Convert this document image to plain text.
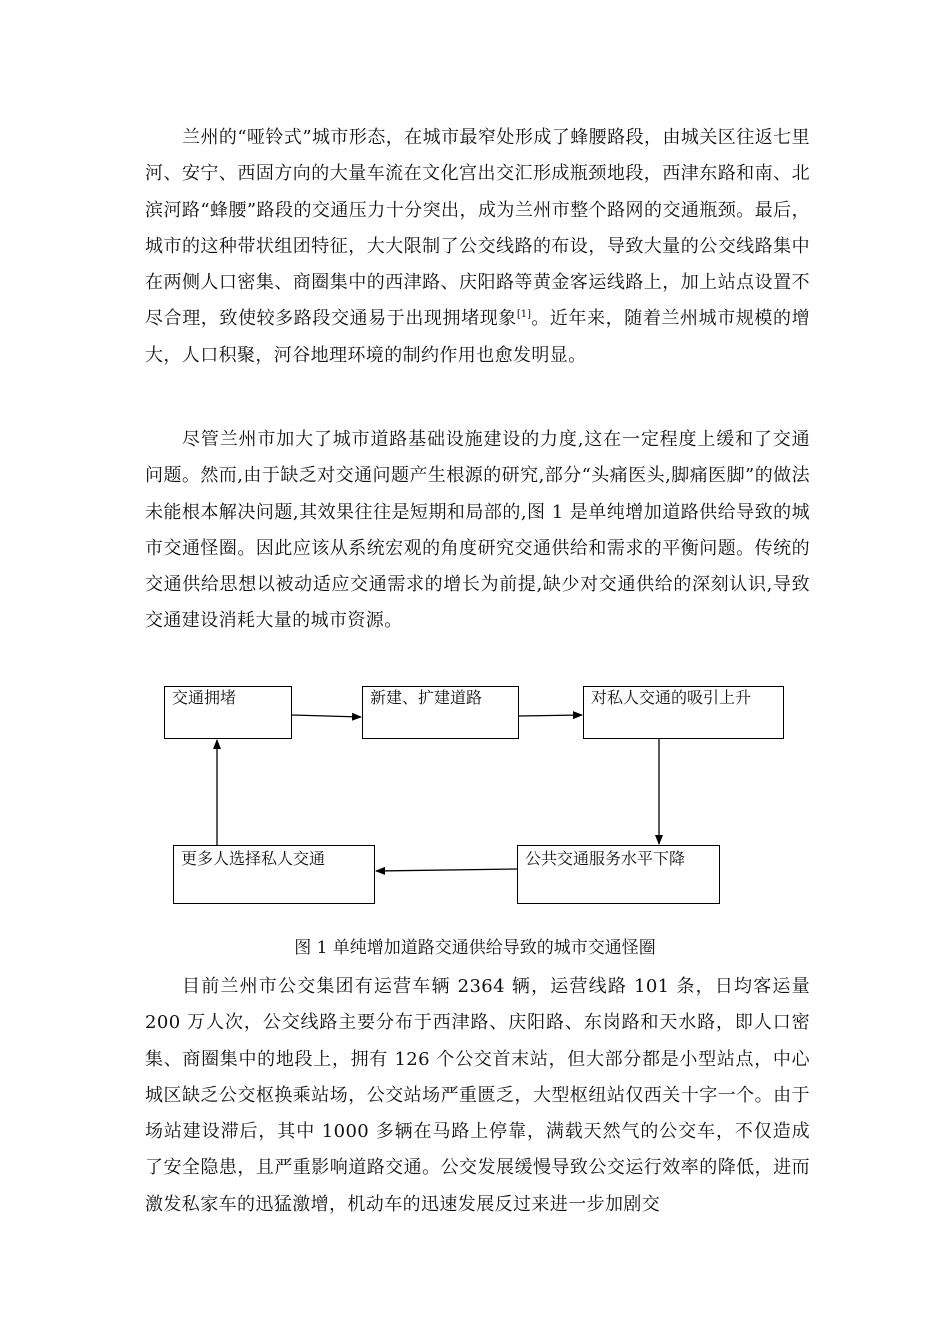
兰州的“哑铃式”城市形态，在城市最窄处形成了蜂腰路段，由城关区往返七里河、安宁、西固方向的大量车流在文化宫出交汇形成瓶颈地段，西津东路和南、北滨河路“蜂腰”路段的交通压力十分突出，成为兰州市整个路网的交通瓶颈。最后，城市的这种带状组团特征，大大限制了公交线路的布设，导致大量的公交线路集中在两侧人口密集、商圈集中的西津路、庆阳路等黄金客运线路上，加上站点设置不尽合理，致使较多路段交通易于出现拥堵现象[1]。近年来，随着兰州城市规模的增大，人口积聚，河谷地理环境的制约作用也愈发明显。

尽管兰州市加大了城市道路基础设施建设的力度,这在一定程度上缓和了交通问题。然而,由于缺乏对交通问题产生根源的研究,部分“头痛医头,脚痛医脚”的做法未能根本解决问题,其效果往往是短期和局部的,图 1 是单纯增加道路供给导致的城市交通怪圈。因此应该从系统宏观的角度研究交通供给和需求的平衡问题。传统的交通供给思想以被动适应交通需求的增长为前提,缺少对交通供给的深刻认识,导致交通建设消耗大量的城市资源。

交通拥堵	新建、扩建道路	对私人交通的吸引上升
公共交通服务水平下降
更多人选择私人交通

图 1 单纯增加道路交通供给导致的城市交通怪圈

目前兰州市公交集团有运营车辆 2364 辆，运营线路 101 条，日均客运量 200 万人次，公交线路主要分布于西津路、庆阳路、东岗路和天水路，即人口密集、商圈集中的地段上，拥有 126 个公交首末站，但大部分都是小型站点，中心城区缺乏公交枢换乘站场，公交站场严重匮乏，大型枢纽站仅西关十字一个。由于场站建设滞后，其中 1000 多辆在马路上停靠，满载天然气的公交车，不仅造成了安全隐患，且严重影响道路交通。公交发展缓慢导致公交运行效率的降低，进而激发私家车的迅猛激增，机动车的迅速发展反过来进一步加剧交
